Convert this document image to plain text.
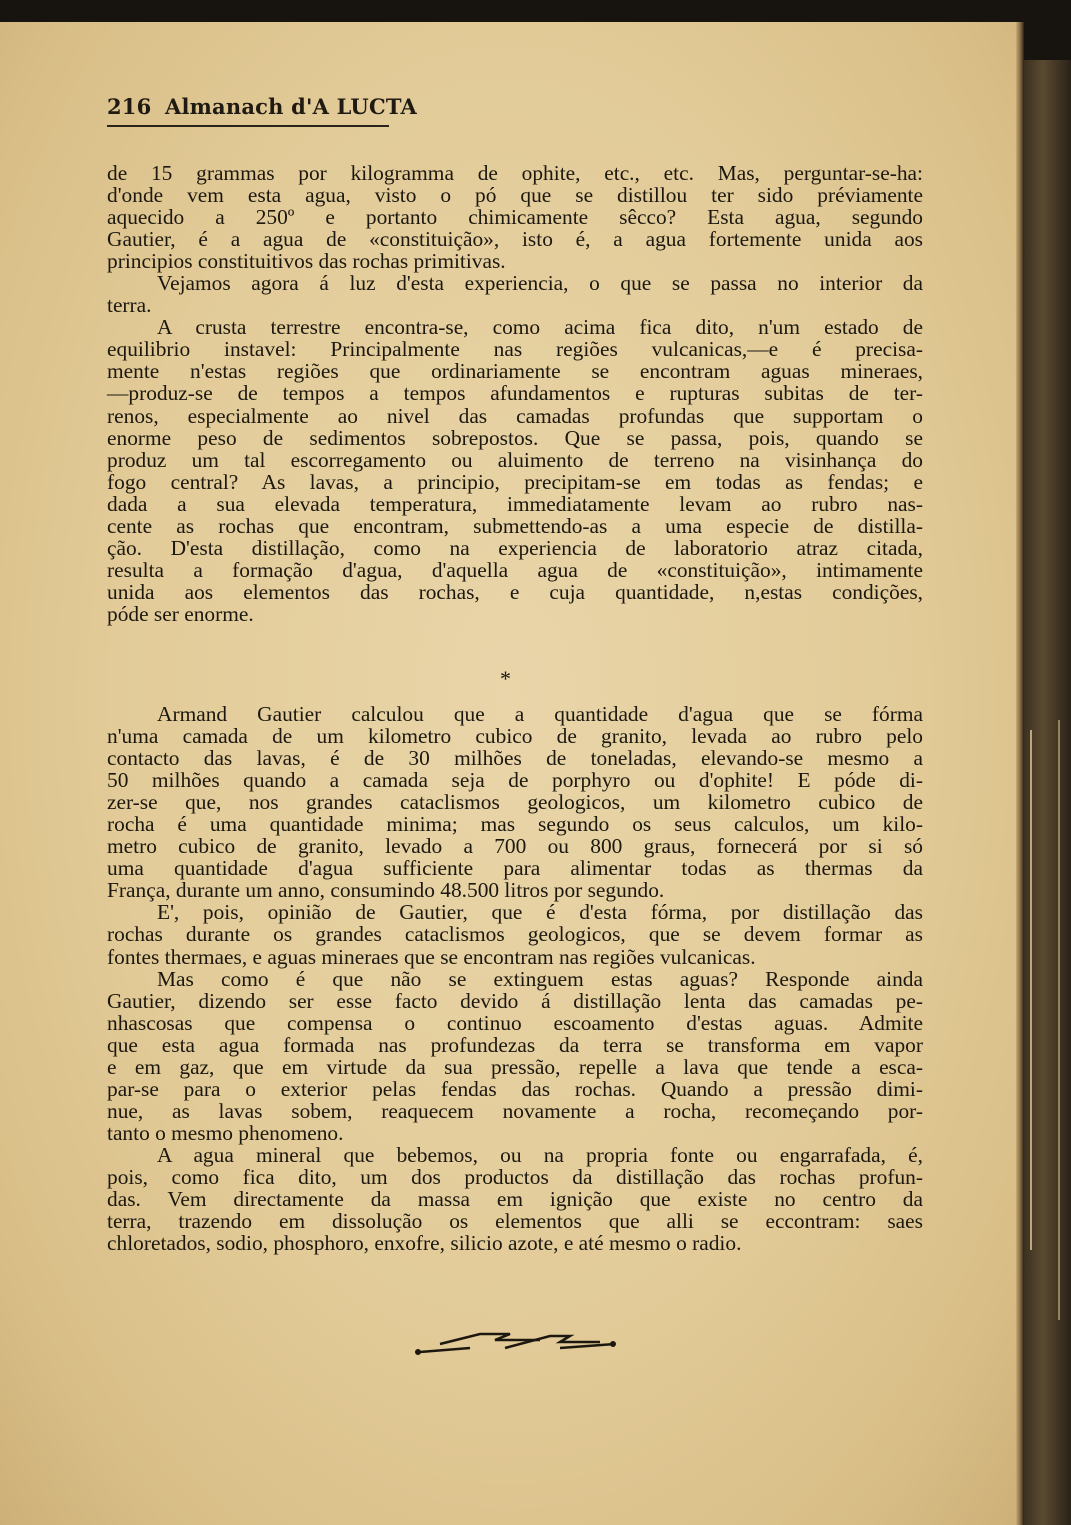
216 Almanach d'A LUCTA
de 15 grammas por kilogramma de ophite, etc., etc. Mas, perguntar-se-ha:
d'onde vem esta agua, visto o pó que se distillou ter sido préviamente
aquecido a 250º e portanto chimicamente sêcco? Esta agua, segundo
Gautier, é a agua de «constituição», isto é, a agua fortemente unida aos
principios constituitivos das rochas primitivas.
Vejamos agora á luz d'esta experiencia, o que se passa no interior da
terra.
A crusta terrestre encontra-se, como acima fica dito, n'um estado de
equilibrio instavel: Principalmente nas regiões vulcanicas,—e é precisa-
mente n'estas regiões que ordinariamente se encontram aguas mineraes,
—produz-se de tempos a tempos afundamentos e rupturas subitas de ter-
renos, especialmente ao nivel das camadas profundas que supportam o
enorme peso de sedimentos sobrepostos. Que se passa, pois, quando se
produz um tal escorregamento ou aluimento de terreno na visinhança do
fogo central? As lavas, a principio, precipitam-se em todas as fendas; e
dada a sua elevada temperatura, immediatamente levam ao rubro nas-
cente as rochas que encontram, submettendo-as a uma especie de distilla-
ção. D'esta distillação, como na experiencia de laboratorio atraz citada,
resulta a formação d'agua, d'aquella agua de «constituição», intimamente
unida aos elementos das rochas, e cuja quantidade, n,estas condições,
póde ser enorme.
*
Armand Gautier calculou que a quantidade d'agua que se fórma
n'uma camada de um kilometro cubico de granito, levada ao rubro pelo
contacto das lavas, é de 30 milhões de toneladas, elevando-se mesmo a
50 milhões quando a camada seja de porphyro ou d'ophite! E póde di-
zer-se que, nos grandes cataclismos geologicos, um kilometro cubico de
rocha é uma quantidade minima; mas segundo os seus calculos, um kilo-
metro cubico de granito, levado a 700 ou 800 graus, fornecerá por si só
uma quantidade d'agua sufficiente para alimentar todas as thermas da
França, durante um anno, consumindo 48.500 litros por segundo.
E', pois, opinião de Gautier, que é d'esta fórma, por distillação das
rochas durante os grandes cataclismos geologicos, que se devem formar as
fontes thermaes, e aguas mineraes que se encontram nas regiões vulcanicas.
Mas como é que não se extinguem estas aguas? Responde ainda
Gautier, dizendo ser esse facto devido á distillação lenta das camadas pe-
nhascosas que compensa o continuo escoamento d'estas aguas. Admite
que esta agua formada nas profundezas da terra se transforma em vapor
e em gaz, que em virtude da sua pressão, repelle a lava que tende a esca-
par-se para o exterior pelas fendas das rochas. Quando a pressão dimi-
nue, as lavas sobem, reaquecem novamente a rocha, recomeçando por-
tanto o mesmo phenomeno.
A agua mineral que bebemos, ou na propria fonte ou engarrafada, é,
pois, como fica dito, um dos productos da distillação das rochas profun-
das. Vem directamente da massa em ignição que existe no centro da
terra, trazendo em dissolução os elementos que alli se eccontram: saes
chloretados, sodio, phosphoro, enxofre, silicio azote, e até mesmo o radio.
